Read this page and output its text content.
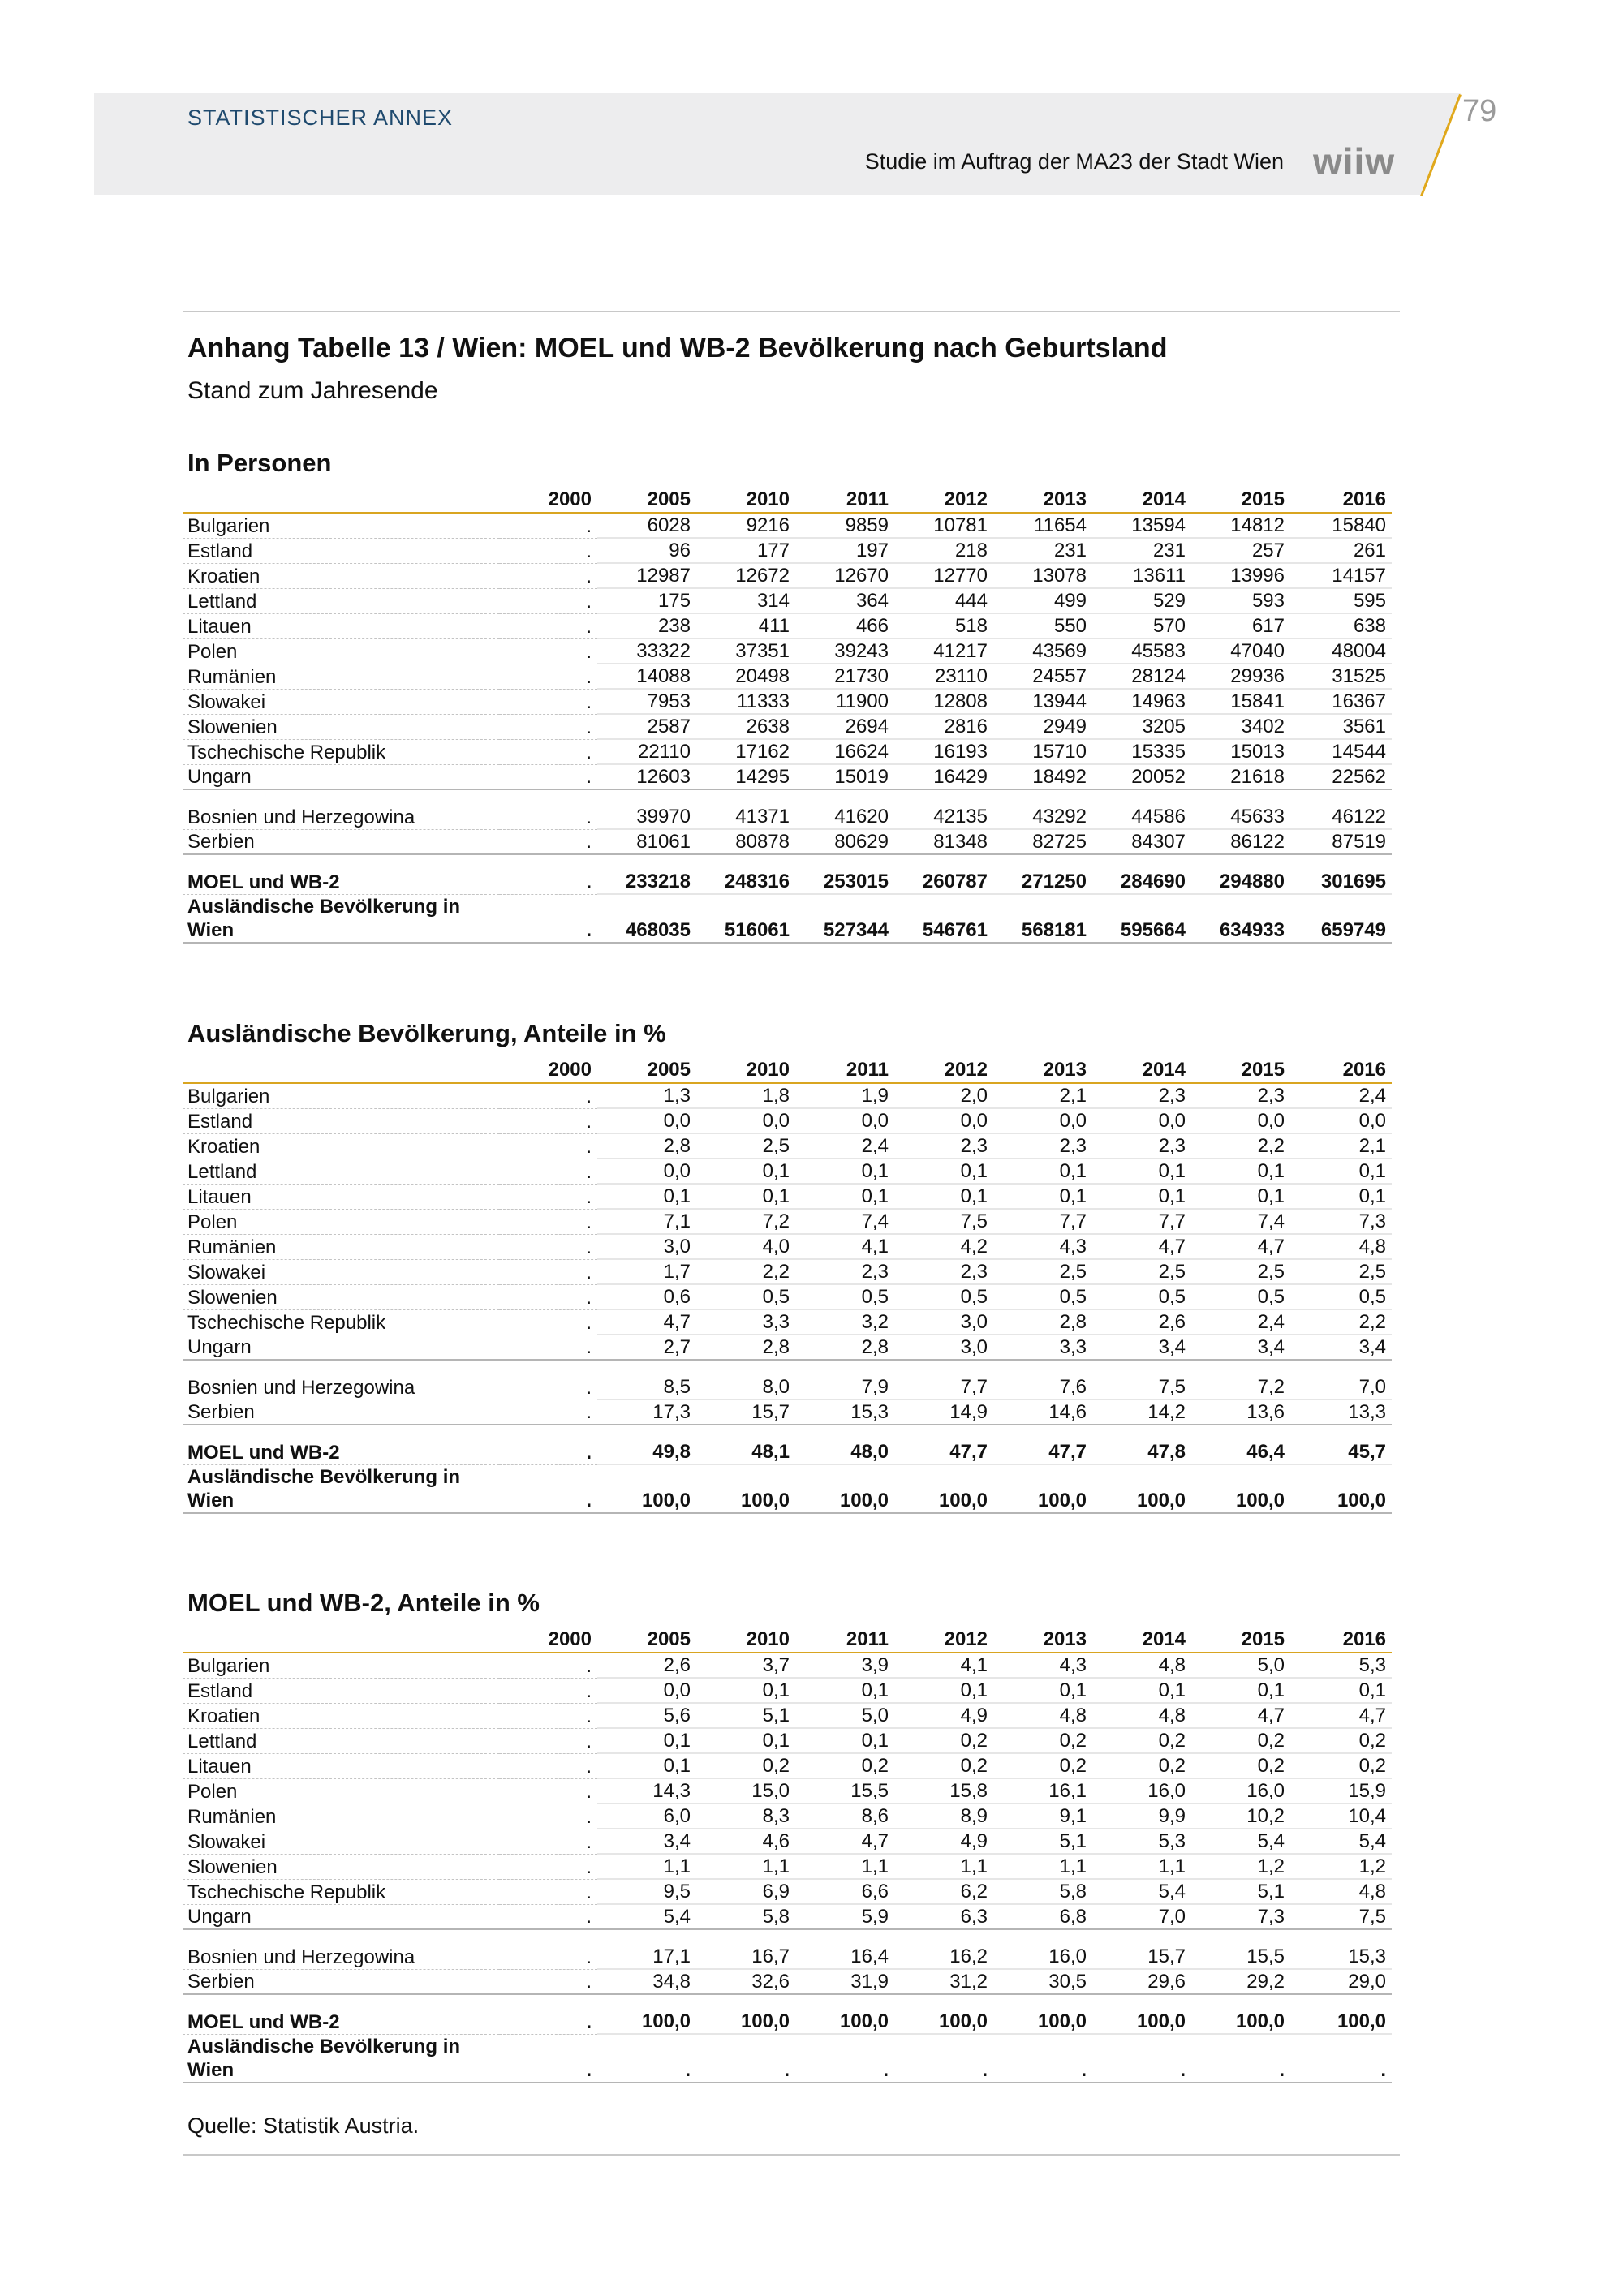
STATISTISCHER ANNEX
Studie im Auftrag der MA23 der Stadt Wien wiiw
79
Anhang Tabelle 13 / Wien: MOEL und WB-2 Bevölkerung nach Geburtsland
Stand zum Jahresende
In Personen
	2000	2005	2010	2011	2012	2013	2014	2015	2016
Bulgarien	.	6028	9216	9859	10781	11654	13594	14812	15840
Estland	.	96	177	197	218	231	231	257	261
Kroatien	.	12987	12672	12670	12770	13078	13611	13996	14157
Lettland	.	175	314	364	444	499	529	593	595
Litauen	.	238	411	466	518	550	570	617	638
Polen	.	33322	37351	39243	41217	43569	45583	47040	48004
Rumänien	.	14088	20498	21730	23110	24557	28124	29936	31525
Slowakei	.	7953	11333	11900	12808	13944	14963	15841	16367
Slowenien	.	2587	2638	2694	2816	2949	3205	3402	3561
Tschechische Republik	.	22110	17162	16624	16193	15710	15335	15013	14544
Ungarn	.	12603	14295	15019	16429	18492	20052	21618	22562

Bosnien und Herzegowina	.	39970	41371	41620	42135	43292	44586	45633	46122
Serbien	.	81061	80878	80629	81348	82725	84307	86122	87519

MOEL und WB-2	.	233218	248316	253015	260787	271250	284690	294880	301695
Ausländische Bevölkerung in Wien	.	468035	516061	527344	546761	568181	595664	634933	659749
Ausländische Bevölkerung, Anteile in %
	2000	2005	2010	2011	2012	2013	2014	2015	2016
Bulgarien	.	1,3	1,8	1,9	2,0	2,1	2,3	2,3	2,4
Estland	.	0,0	0,0	0,0	0,0	0,0	0,0	0,0	0,0
Kroatien	.	2,8	2,5	2,4	2,3	2,3	2,3	2,2	2,1
Lettland	.	0,0	0,1	0,1	0,1	0,1	0,1	0,1	0,1
Litauen	.	0,1	0,1	0,1	0,1	0,1	0,1	0,1	0,1
Polen	.	7,1	7,2	7,4	7,5	7,7	7,7	7,4	7,3
Rumänien	.	3,0	4,0	4,1	4,2	4,3	4,7	4,7	4,8
Slowakei	.	1,7	2,2	2,3	2,3	2,5	2,5	2,5	2,5
Slowenien	.	0,6	0,5	0,5	0,5	0,5	0,5	0,5	0,5
Tschechische Republik	.	4,7	3,3	3,2	3,0	2,8	2,6	2,4	2,2
Ungarn	.	2,7	2,8	2,8	3,0	3,3	3,4	3,4	3,4

Bosnien und Herzegowina	.	8,5	8,0	7,9	7,7	7,6	7,5	7,2	7,0
Serbien	.	17,3	15,7	15,3	14,9	14,6	14,2	13,6	13,3

MOEL und WB-2	.	49,8	48,1	48,0	47,7	47,7	47,8	46,4	45,7
Ausländische Bevölkerung in Wien	.	100,0	100,0	100,0	100,0	100,0	100,0	100,0	100,0
MOEL und WB-2, Anteile in %
	2000	2005	2010	2011	2012	2013	2014	2015	2016
Bulgarien	.	2,6	3,7	3,9	4,1	4,3	4,8	5,0	5,3
Estland	.	0,0	0,1	0,1	0,1	0,1	0,1	0,1	0,1
Kroatien	.	5,6	5,1	5,0	4,9	4,8	4,8	4,7	4,7
Lettland	.	0,1	0,1	0,1	0,2	0,2	0,2	0,2	0,2
Litauen	.	0,1	0,2	0,2	0,2	0,2	0,2	0,2	0,2
Polen	.	14,3	15,0	15,5	15,8	16,1	16,0	16,0	15,9
Rumänien	.	6,0	8,3	8,6	8,9	9,1	9,9	10,2	10,4
Slowakei	.	3,4	4,6	4,7	4,9	5,1	5,3	5,4	5,4
Slowenien	.	1,1	1,1	1,1	1,1	1,1	1,1	1,2	1,2
Tschechische Republik	.	9,5	6,9	6,6	6,2	5,8	5,4	5,1	4,8
Ungarn	.	5,4	5,8	5,9	6,3	6,8	7,0	7,3	7,5

Bosnien und Herzegowina	.	17,1	16,7	16,4	16,2	16,0	15,7	15,5	15,3
Serbien	.	34,8	32,6	31,9	31,2	30,5	29,6	29,2	29,0

MOEL und WB-2	.	100,0	100,0	100,0	100,0	100,0	100,0	100,0	100,0
Ausländische Bevölkerung in Wien	.	.	.	.	.	.	.	.	.
Quelle: Statistik Austria.
